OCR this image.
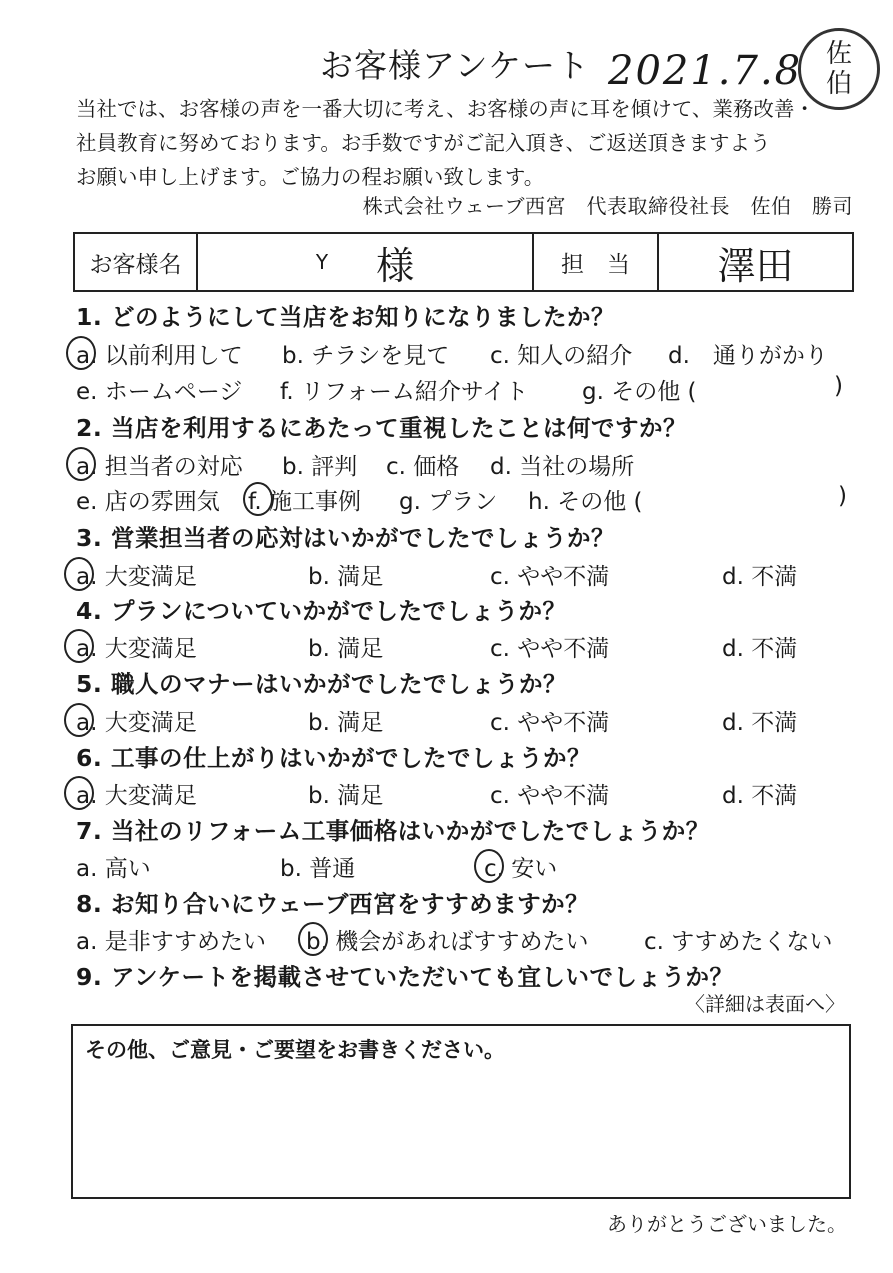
お客様アンケート 2021.7.8 佐
伯
当社では、お客様の声を一番大切に考え、お客様の声に耳を傾けて、業務改善・
社員教育に努めております。お手数ですがご記入頂き、ご返送頂きますよう
お願い申し上げます。ご協力の程お願い致します。
株式会社ウェーブ西宮　代表取締役社長　佐伯　勝司
お客様名	Y 様	担　当	澤田
1. どのようにして当店をお知りになりましたか？
a. 以前利用して b. チラシを見て c. 知人の紹介 d.　通りがかり
e. ホームページ f. リフォーム紹介サイト g. その他 (	)
2. 当店を利用するにあたって重視したことは何ですか？
a. 担当者の対応 b. 評判 c. 価格 d. 当社の場所
e. 店の雰囲気 f. 施工事例 g. プラン h. その他 (	)
3. 営業担当者の応対はいかがでしたでしょうか？
a. 大変満足	b. 満足	c. やや不満	d. 不満
4. プランについていかがでしたでしょうか？
a. 大変満足	b. 満足	c. やや不満	d. 不満
5. 職人のマナーはいかがでしたでしょうか？
a. 大変満足	b. 満足	c. やや不満	d. 不満
6. 工事の仕上がりはいかがでしたでしょうか？
a. 大変満足	b. 満足	c. やや不満	d. 不満
7. 当社のリフォーム工事価格はいかがでしたでしょうか？
a. 高い	b. 普通	c. 安い
8. お知り合いにウェーブ西宮をすすめますか？
a. 是非すすめたい b. 機会があればすすめたい c. すすめたくない
9. アンケートを掲載させていただいても宜しいでしょうか？
〈詳細は表面へ〉
その他、ご意見・ご要望をお書きください。
ありがとうございました。
